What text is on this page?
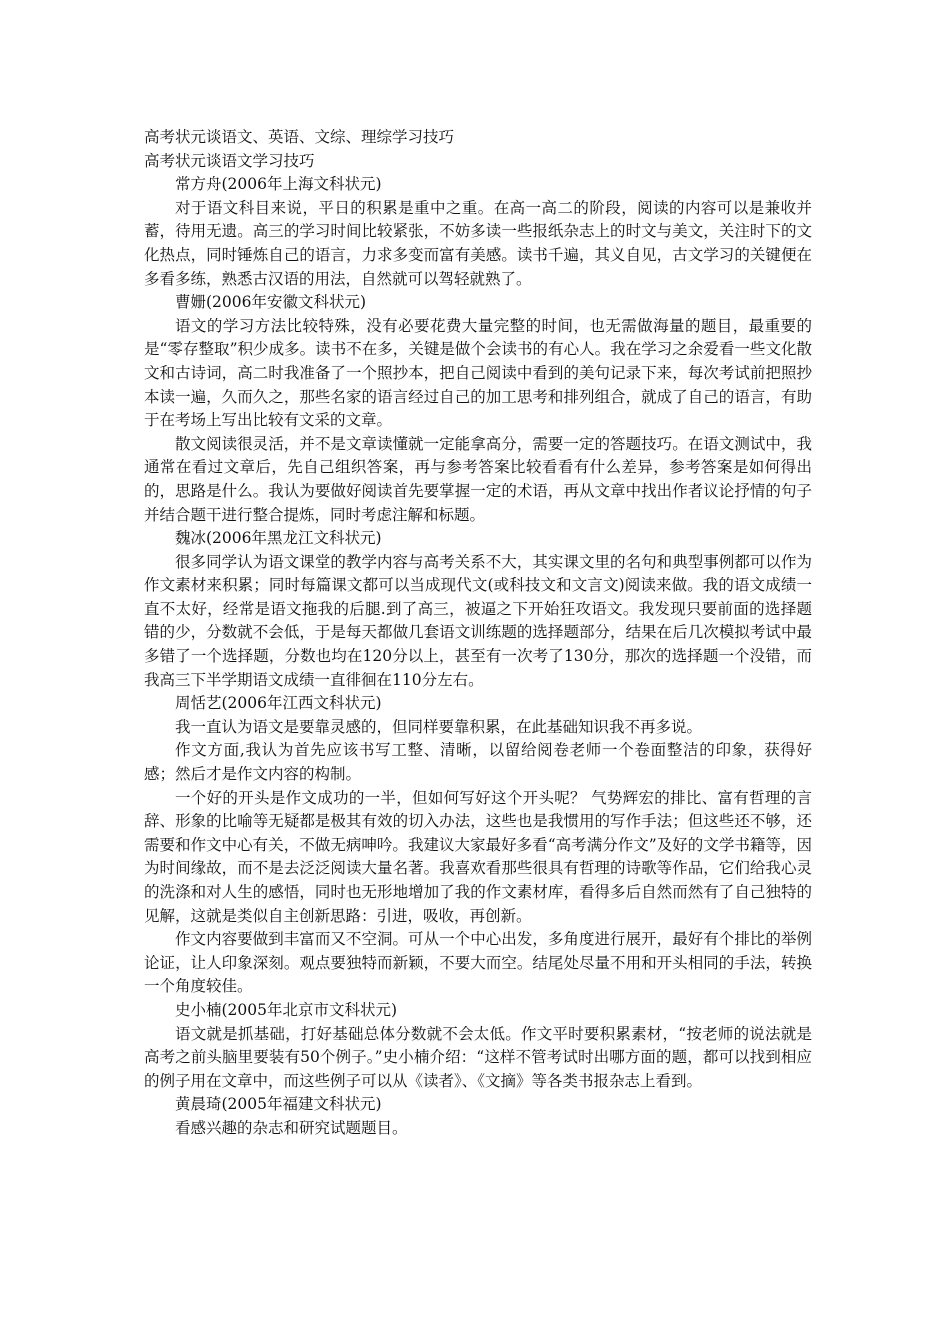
高考状元谈语文、英语、文综、理综学习技巧

高考状元谈语文学习技巧

常方舟(2006年上海文科状元)

对于语文科目来说，平日的积累是重中之重。在高一高二的阶段，阅读的内容可以是兼收并蓄，待用无遗。高三的学习时间比较紧张，不妨多读一些报纸杂志上的时文与美文，关注时下的文化热点，同时锤炼自己的语言，力求多变而富有美感。读书千遍，其义自见，古文学习的关键便在多看多练，熟悉古汉语的用法，自然就可以驾轻就熟了。

曹姗(2006年安徽文科状元)

语文的学习方法比较特殊，没有必要花费大量完整的时间，也无需做海量的题目，最重要的是“零存整取”积少成多。读书不在多，关键是做个会读书的有心人。我在学习之余爱看一些文化散文和古诗词，高二时我准备了一个照抄本，把自己阅读中看到的美句记录下来，每次考试前把照抄本读一遍，久而久之，那些名家的语言经过自己的加工思考和排列组合，就成了自己的语言，有助于在考场上写出比较有文采的文章。

散文阅读很灵活，并不是文章读懂就一定能拿高分，需要一定的答题技巧。在语文测试中，我通常在看过文章后，先自己组织答案，再与参考答案比较看看有什么差异，参考答案是如何得出的，思路是什么。我认为要做好阅读首先要掌握一定的术语，再从文章中找出作者议论抒情的句子并结合题干进行整合提炼，同时考虑注解和标题。

魏冰(2006年黑龙江文科状元)

很多同学认为语文课堂的教学内容与高考关系不大，其实课文里的名句和典型事例都可以作为作文素材来积累；同时每篇课文都可以当成现代文(或科技文和文言文)阅读来做。我的语文成绩一直不太好，经常是语文拖我的后腿.到了高三，被逼之下开始狂攻语文。我发现只要前面的选择题错的少，分数就不会低，于是每天都做几套语文训练题的选择题部分，结果在后几次模拟考试中最多错了一个选择题，分数也均在120分以上，甚至有一次考了130分，那次的选择题一个没错，而我高三下半学期语文成绩一直徘徊在110分左右。

周恬艺(2006年江西文科状元)

我一直认为语文是要靠灵感的，但同样要靠积累，在此基础知识我不再多说。

作文方面,我认为首先应该书写工整、清晰，以留给阅卷老师一个卷面整洁的印象，获得好感；然后才是作文内容的构制。

一个好的开头是作文成功的一半，但如何写好这个开头呢？ 气势辉宏的排比、富有哲理的言辞、形象的比喻等无疑都是极其有效的切入办法，这些也是我惯用的写作手法；但这些还不够，还需要和作文中心有关，不做无病呻吟。我建议大家最好多看“高考满分作文”及好的文学书籍等，因为时间缘故，而不是去泛泛阅读大量名著。我喜欢看那些很具有哲理的诗歌等作品，它们给我心灵的洗涤和对人生的感悟，同时也无形地增加了我的作文素材库，看得多后自然而然有了自己独特的见解，这就是类似自主创新思路：引进，吸收，再创新。

作文内容要做到丰富而又不空洞。可从一个中心出发，多角度进行展开，最好有个排比的举例论证，让人印象深刻。观点要独特而新颖，不要大而空。结尾处尽量不用和开头相同的手法，转换一个角度较佳。

史小楠(2005年北京市文科状元)

语文就是抓基础，打好基础总体分数就不会太低。作文平时要积累素材，“按老师的说法就是高考之前头脑里要装有50个例子。”史小楠介绍：“这样不管考试时出哪方面的题，都可以找到相应的例子用在文章中，而这些例子可以从《读者》、《文摘》等各类书报杂志上看到。

黄晨琦(2005年福建文科状元)

看感兴趣的杂志和研究试题题目。
